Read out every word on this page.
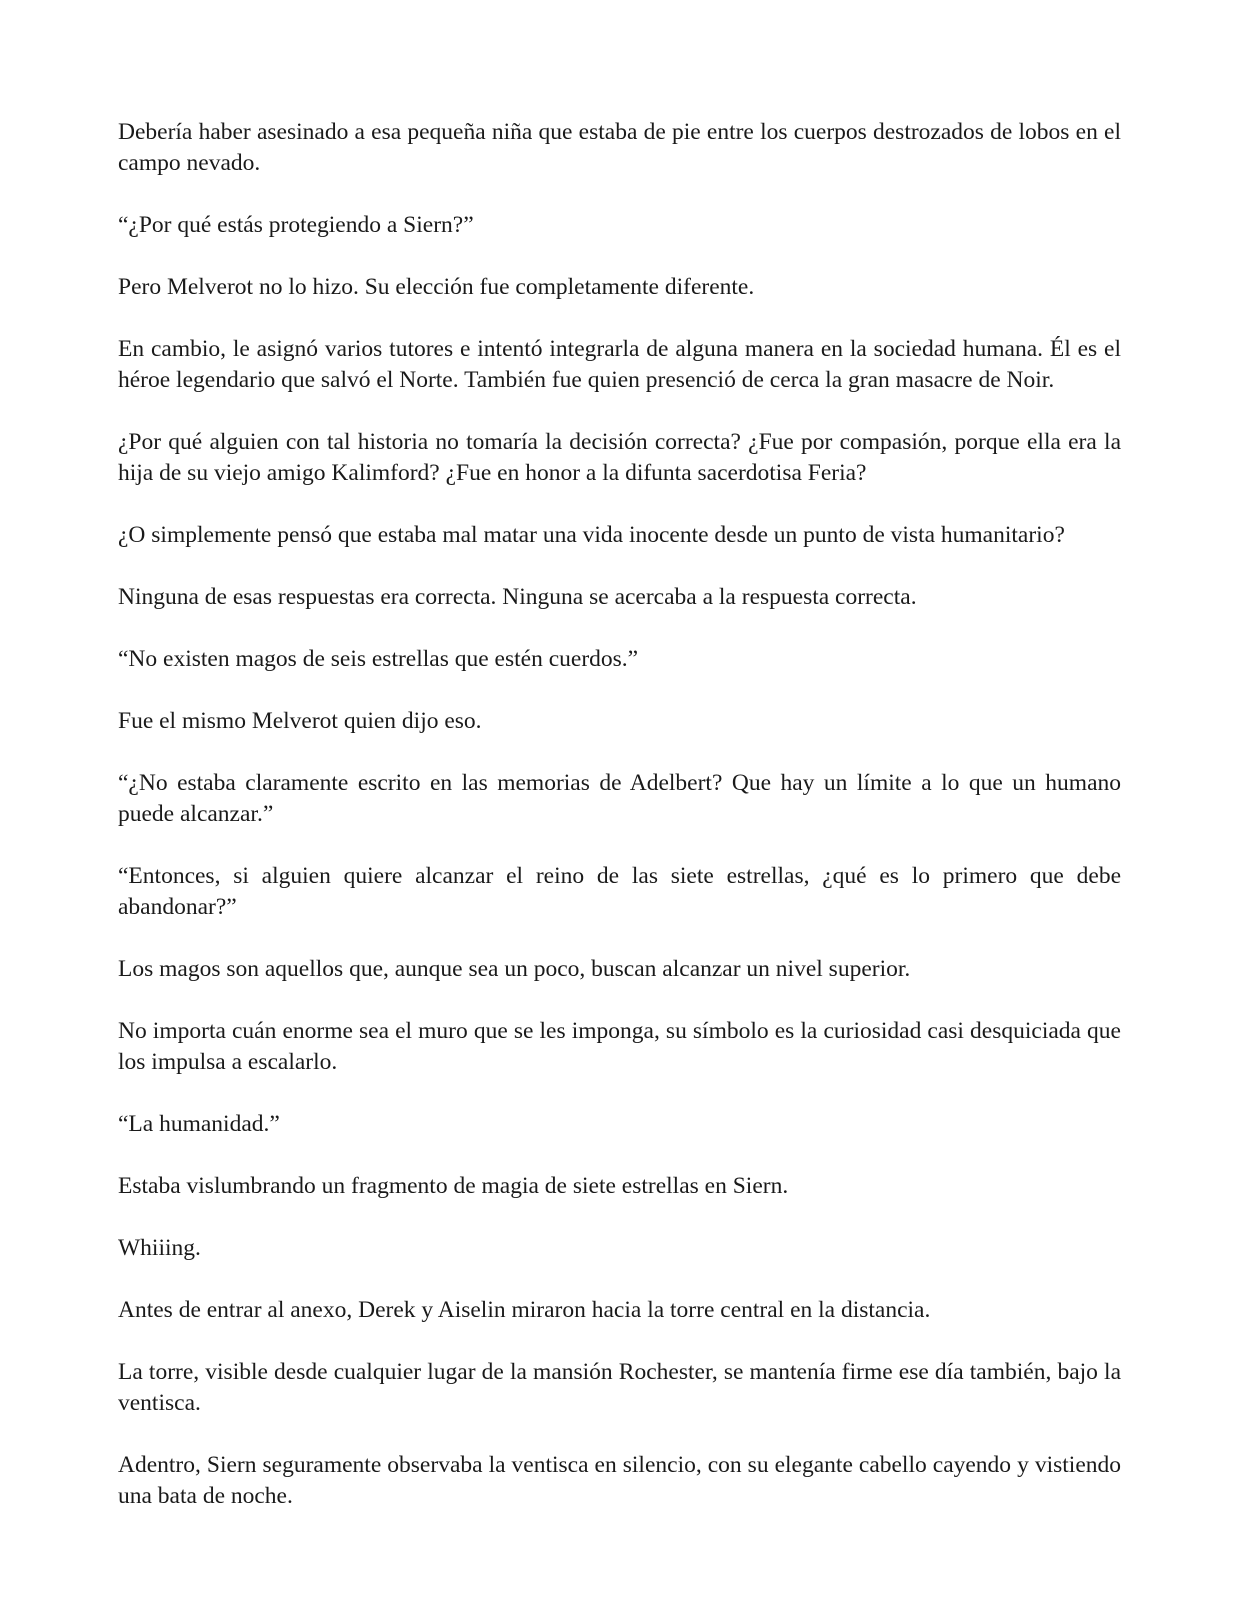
Debería haber asesinado a esa pequeña niña que estaba de pie entre los cuerpos destrozados de lobos en el campo nevado.

“¿Por qué estás protegiendo a Siern?”

Pero Melverot no lo hizo. Su elección fue completamente diferente.

En cambio, le asignó varios tutores e intentó integrarla de alguna manera en la sociedad humana. Él es el héroe legendario que salvó el Norte. También fue quien presenció de cerca la gran masacre de Noir.

¿Por qué alguien con tal historia no tomaría la decisión correcta? ¿Fue por compasión, porque ella era la hija de su viejo amigo Kalimford? ¿Fue en honor a la difunta sacerdotisa Feria?

¿O simplemente pensó que estaba mal matar una vida inocente desde un punto de vista humanitario?

Ninguna de esas respuestas era correcta. Ninguna se acercaba a la respuesta correcta.

“No existen magos de seis estrellas que estén cuerdos.”

Fue el mismo Melverot quien dijo eso.

“¿No estaba claramente escrito en las memorias de Adelbert? Que hay un límite a lo que un humano puede alcanzar.”

“Entonces, si alguien quiere alcanzar el reino de las siete estrellas, ¿qué es lo primero que debe abandonar?”

Los magos son aquellos que, aunque sea un poco, buscan alcanzar un nivel superior.

No importa cuán enorme sea el muro que se les imponga, su símbolo es la curiosidad casi desquiciada que los impulsa a escalarlo.

“La humanidad.”

Estaba vislumbrando un fragmento de magia de siete estrellas en Siern.

Whiiing.

Antes de entrar al anexo, Derek y Aiselin miraron hacia la torre central en la distancia.

La torre, visible desde cualquier lugar de la mansión Rochester, se mantenía firme ese día también, bajo la ventisca.

Adentro, Siern seguramente observaba la ventisca en silencio, con su elegante cabello cayendo y vistiendo una bata de noche.
